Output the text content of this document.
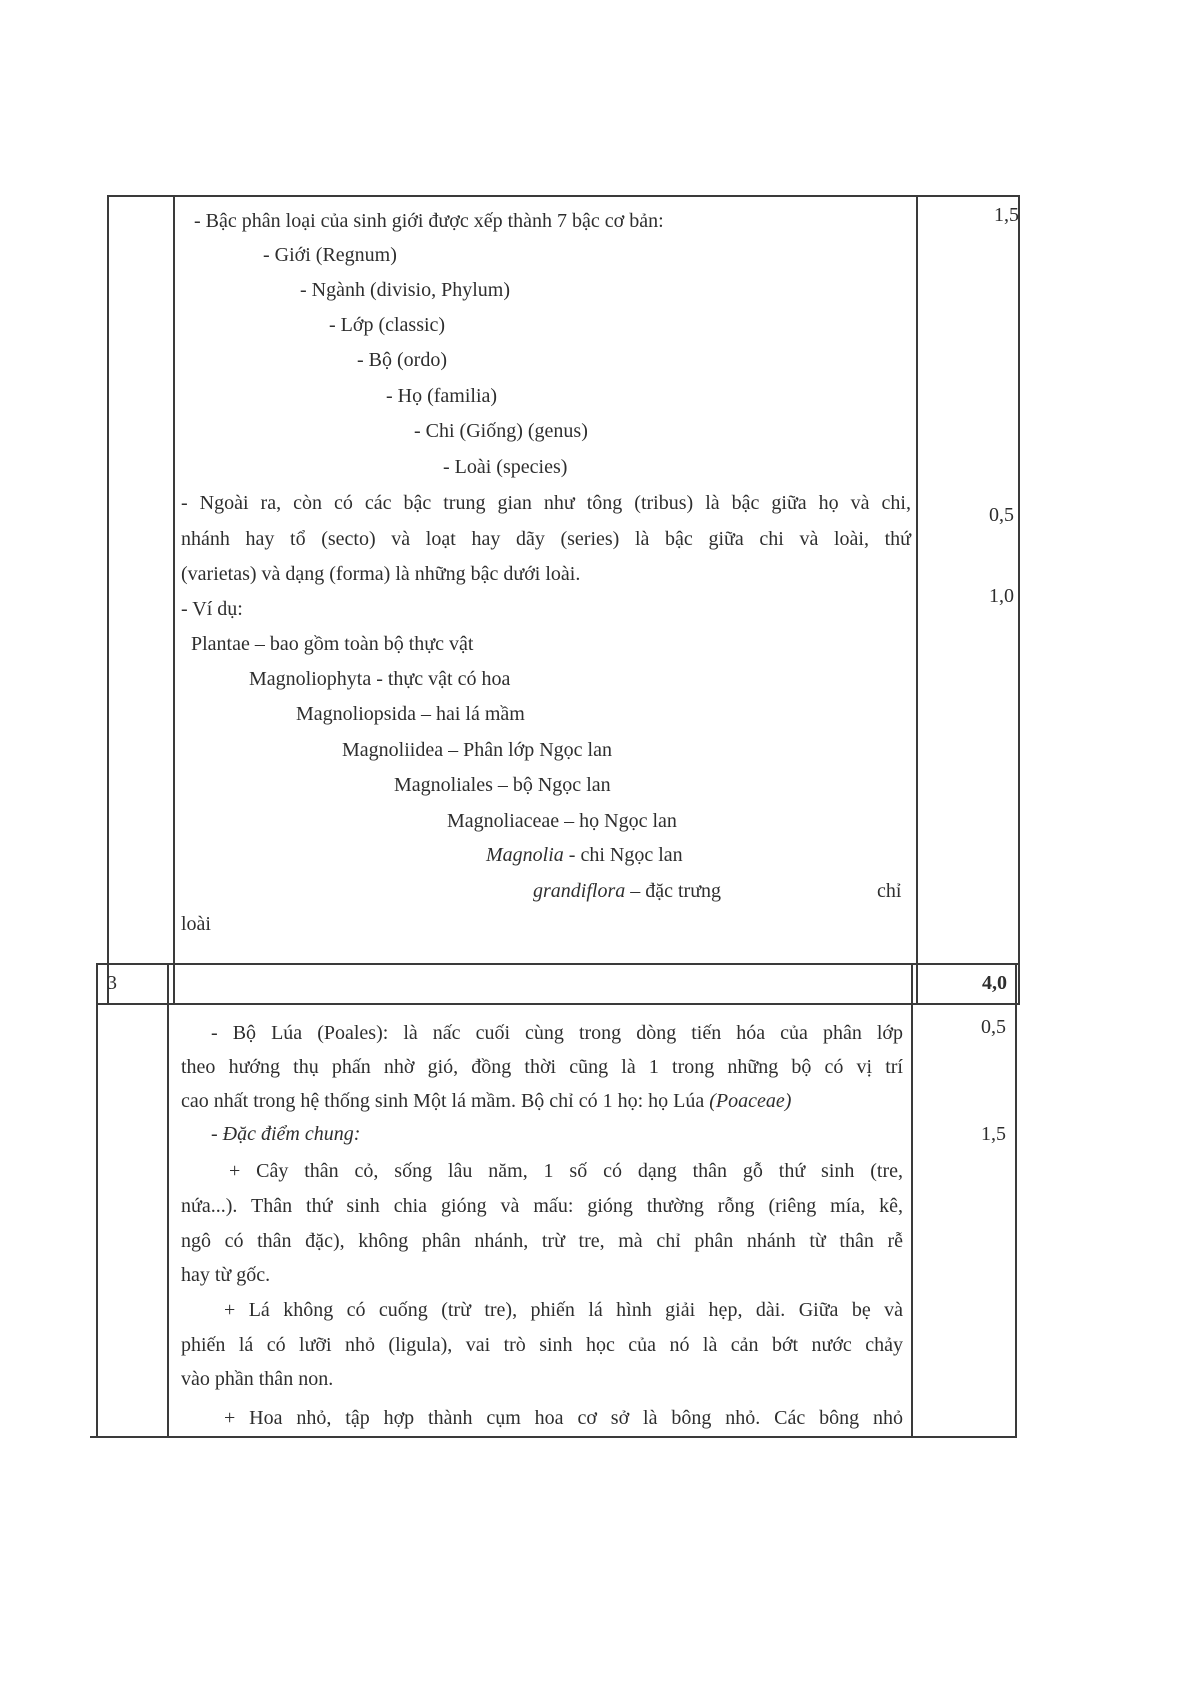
- Bậc phân loại của sinh giới được xếp thành 7 bậc cơ bản:
- Giới (Regnum)
- Ngành (divisio, Phylum)
- Lớp (classic)
- Bộ (ordo)
- Họ (familia)
- Chi (Giống) (genus)
- Loài (species)
- Ngoài ra, còn có các bậc trung gian như tông (tribus) là bậc giữa họ và chi,
nhánh hay tổ (secto) và loạt hay dãy (series) là bậc giữa chi và loài, thứ
(varietas) và dạng (forma) là những bậc dưới loài.
- Ví dụ:
Plantae – bao gồm toàn bộ thực vật
Magnoliophyta - thực vật có hoa
Magnoliopsida – hai lá mầm
Magnoliidea – Phân lớp Ngọc lan
Magnoliales – bộ Ngọc lan
Magnoliaceae – họ Ngọc lan
Magnolia - chi Ngọc lan
grandiflora – đặc trưng	chỉ
loài
1,5
0,5
1,0
3	4,0
- Bộ Lúa (Poales): là nấc cuối cùng trong dòng tiến hóa của phân lớp
theo hướng thụ phấn nhờ gió, đồng thời cũng là 1 trong những bộ có vị trí
cao nhất trong hệ thống sinh Một lá mầm. Bộ chỉ có 1 họ: họ Lúa (Poaceae)
- Đặc điểm chung:
+ Cây thân cỏ, sống lâu năm, 1 số có dạng thân gỗ thứ sinh (tre,
nứa...). Thân thứ sinh chia gióng và mấu: gióng thường rỗng (riêng mía, kê,
ngô có thân đặc), không phân nhánh, trừ tre, mà chỉ phân nhánh từ thân rễ
hay từ gốc.
+ Lá không có cuống (trừ tre), phiến lá hình giải hẹp, dài. Giữa bẹ và
phiến lá có lưỡi nhỏ (ligula), vai trò sinh học của nó là cản bớt nước chảy
vào phần thân non.
+ Hoa nhỏ, tập hợp thành cụm hoa cơ sở là bông nhỏ. Các bông nhỏ
0,5
1,5
